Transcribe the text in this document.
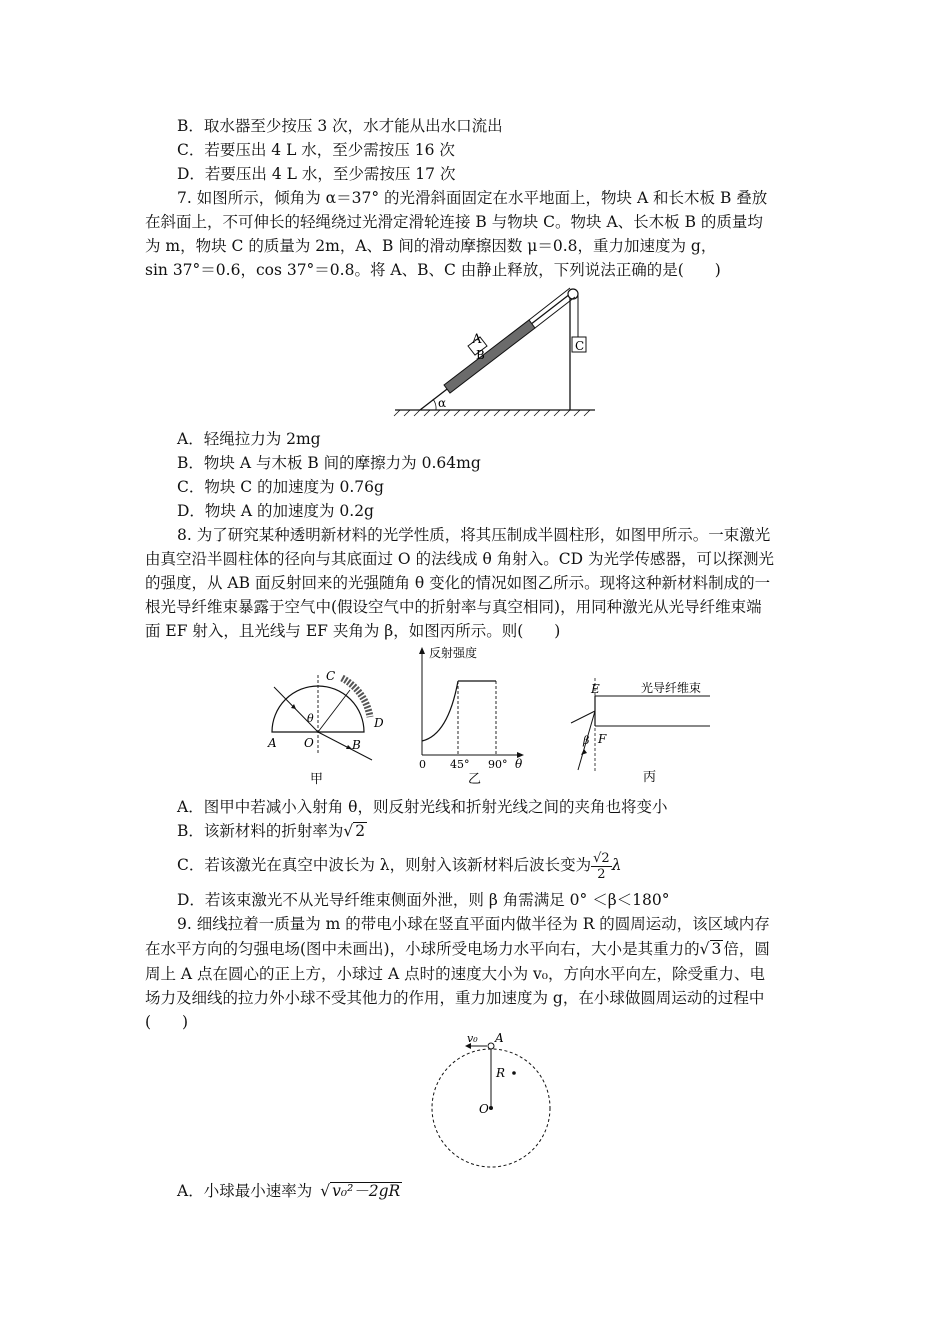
B．取水器至少按压 3 次，水才能从出水口流出
C．若要压出 4 L 水，至少需按压 16 次
D．若要压出 4 L 水，至少需按压 17 次
7. 如图所示，倾角为 α＝37° 的光滑斜面固定在水平地面上，物块 A 和长木板 B 叠放
在斜面上，不可伸长的轻绳绕过光滑定滑轮连接 B 与物块 C。物块 A、长木板 B 的质量均
为 m，物块 C 的质量为 2m，A、B 间的滑动摩擦因数 μ＝0.8，重力加速度为 g，
sin 37°＝0.6，cos 37°＝0.8。将 A、B、C 由静止释放，下列说法正确的是(　　)
A
B
C
α
A．轻绳拉力为 2mg
B．物块 A 与木板 B 间的摩擦力为 0.64mg
C．物块 C 的加速度为 0.76g
D．物块 A 的加速度为 0.2g
8. 为了研究某种透明新材料的光学性质，将其压制成半圆柱形，如图甲所示。一束激光
由真空沿半圆柱体的径向与其底面过 O 的法线成 θ 角射入。CD 为光学传感器，可以探测光
的强度，从 AB 面反射回来的光强随角 θ 变化的情况如图乙所示。现将这种新材料制成的一
根光导纤维束暴露于空气中(假设空气中的折射率与真空相同)，用同种激光从光导纤维束端
面 EF 射入，且光线与 EF 夹角为 β，如图丙所示。则(　　)
C
D
θ
A O	B
甲
反射强度
0 45° 90° θ
乙
E
F
β
光导纤维束
丙
A．图甲中若减小入射角 θ，则反射光线和折射光线之间的夹角也将变小
B．该新材料的折射率为√ 2
C．若该激光在真空中波长为 λ，则射入该新材料后波长变为 $\frac{√2}{2}$ λ
D．若该束激光不从光导纤维束侧面外泄，则 β 角需满足 0° ＜β＜180°
9. 细线拉着一质量为 m 的带电小球在竖直平面内做半径为 R 的圆周运动，该区域内存
在水平方向的匀强电场(图中未画出)，小球所受电场力水平向右，大小是其重力的√ 3 倍，圆
周上 A 点在圆心的正上方，小球过 A 点时的速度大小为 v₀，方向水平向左，除受重力、电
场力及细线的拉力外小球不受其他力的作用，重力加速度为 g，在小球做圆周运动的过程中
(　　)
v₀ A
R
O
A．小球最小速率为 √ v₀²－2gR
